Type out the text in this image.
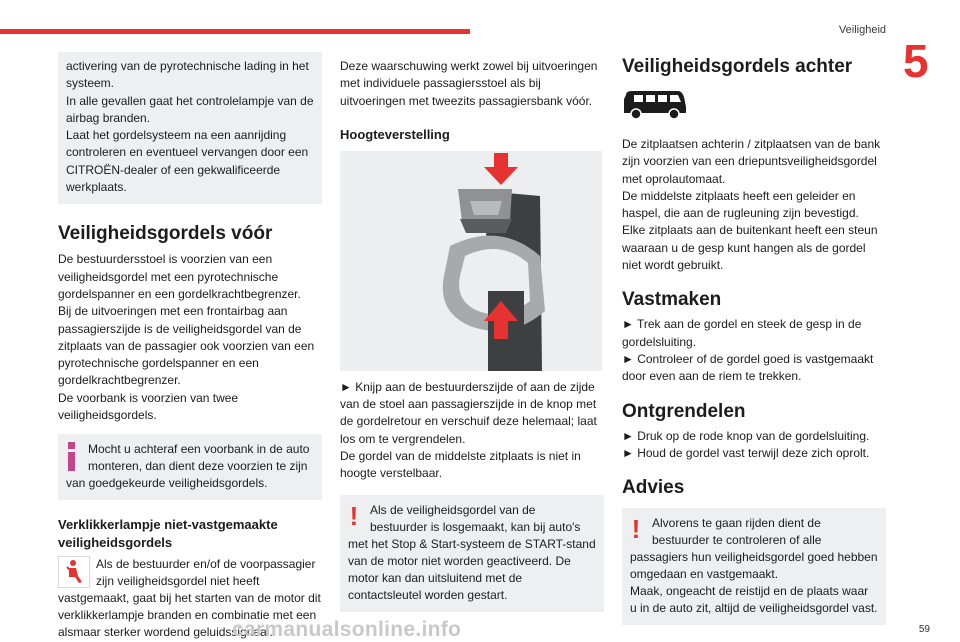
Veiligheid
5
activering van de pyrotechnische lading in het systeem.
In alle gevallen gaat het controlelampje van de airbag branden.
Laat het gordelsysteem na een aanrijding controleren en eventueel vervangen door een CITROËN-dealer of een gekwalificeerde werkplaats.
Veiligheidsgordels vóór

De bestuurdersstoel is voorzien van een veiligheidsgordel met een pyrotechnische gordelspanner en een gordelkrachtbegrenzer.
Bij de uitvoeringen met een frontairbag aan passagierszijde is de veiligheidsgordel van de zitplaats van de passagier ook voorzien van een pyrotechnische gordelspanner en een gordelkrachtbegrenzer.
De voorbank is voorzien van twee veiligheidsgordels.

Mocht u achteraf een voorbank in de auto monteren, dan dient deze voorzien te zijn van goedgekeurde veiligheidsgordels.
Verklikkerlampje niet-vastgemaakte veiligheidsgordels
Als de bestuurder en/of de voorpassagier zijn veiligheidsgordel niet heeft vastgemaakt, gaat bij het starten van de motor dit verklikkerlampje branden en combinatie met een alsmaar sterker wordend geluidssignaal.

Deze waarschuwing werkt zowel bij uitvoeringen met individuele passagiersstoel als bij uitvoeringen met tweezits passagiersbank vóór.

Hoogteverstelling

► Knijp aan de bestuurderszijde of aan de zijde van de stoel aan passagierszijde in de knop met de gordelretour en verschuif deze helemaal; laat los om te vergrendelen.
De gordel van de middelste zitplaats is niet in hoogte verstelbaar.

! Als de veiligheidsgordel van de bestuurder is losgemaakt, kan bij auto's met het Stop & Start-systeem de START-stand van de motor niet worden geactiveerd. De motor kan dan uitsluitend met de contactsleutel worden gestart.
Veiligheidsgordels achter

De zitplaatsen achterin / zitplaatsen van de bank zijn voorzien van een driepuntsveiligheidsgordel met oprolautomaat.
De middelste zitplaats heeft een geleider en haspel, die aan de rugleuning zijn bevestigd.
Elke zitplaats aan de buitenkant heeft een steun waaraan u de gesp kunt hangen als de gordel niet wordt gebruikt.

Vastmaken

► Trek aan de gordel en steek de gesp in de gordelsluiting.
► Controleer of de gordel goed is vastgemaakt door even aan de riem te trekken.

Ontgrendelen

► Druk op de rode knop van de gordelsluiting.
► Houd de gordel vast terwijl deze zich oprolt.

Advies
! Alvorens te gaan rijden dient de bestuurder te controleren of alle passagiers hun veiligheidsgordel goed hebben omgedaan en vastgemaakt.
Maak, ongeacht de reistijd en de plaats waar u in de auto zit, altijd de veiligheidsgordel vast.
carmanualsonline.info	59
